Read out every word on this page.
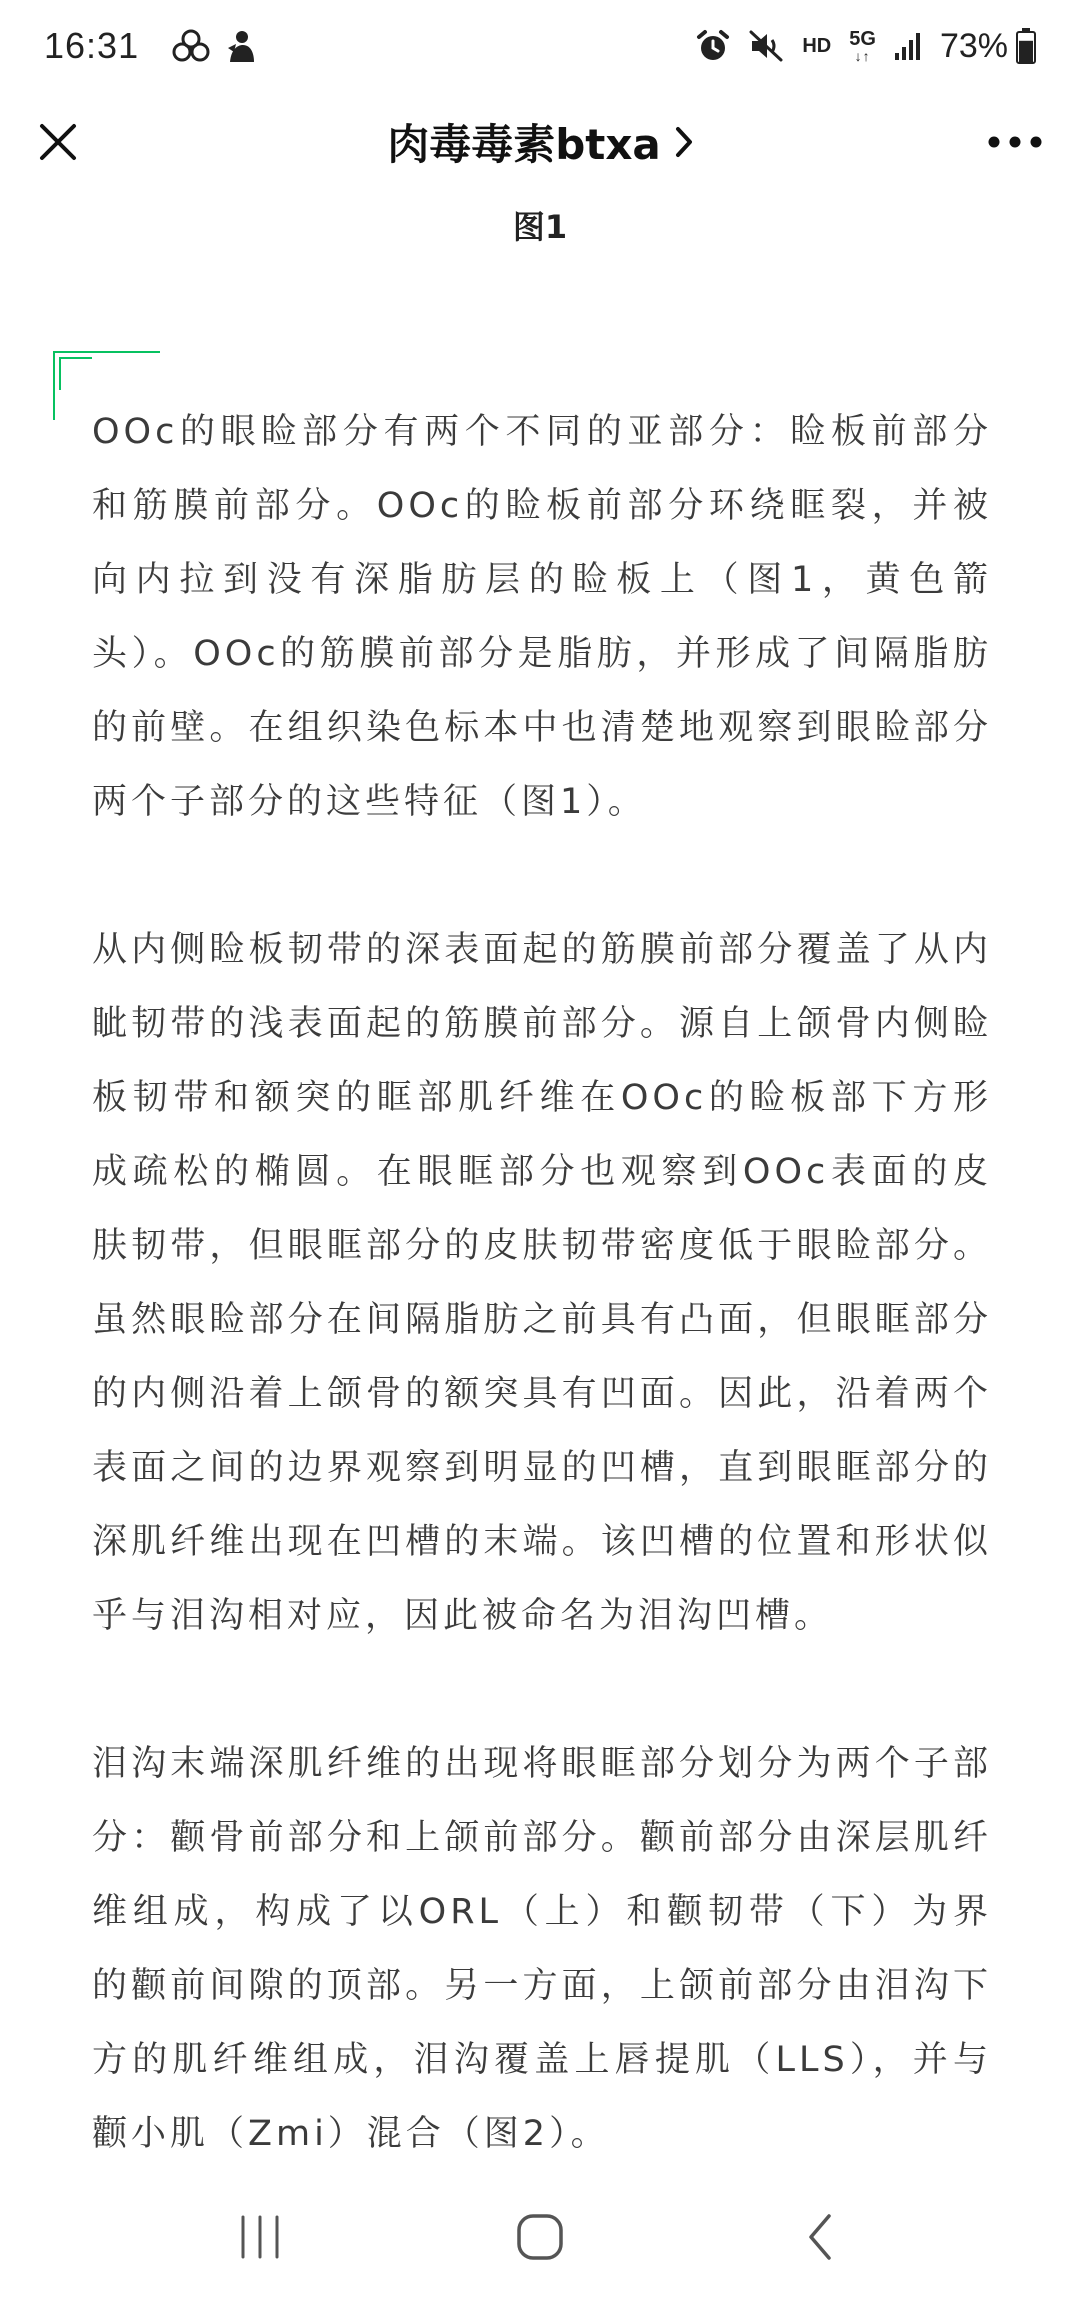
16:31	HD 5G
↓↑ 73%
肉毒毒素btxa
图1

OOc的眼睑部分有两个不同的亚部分：睑板前部分和筋膜前部分。OOc的睑板前部分环绕眶裂，并被向内拉到没有深脂肪层的睑板上（图1，黄色箭头）。OOc的筋膜前部分是脂肪，并形成了间隔脂肪的前壁。在组织染色标本中也清楚地观察到眼睑部分两个子部分的这些特征（图1）。

从内侧睑板韧带的深表面起的筋膜前部分覆盖了从内眦韧带的浅表面起的筋膜前部分。源自上颌骨内侧睑板韧带和额突的眶部肌纤维在OOc的睑板部下方形成疏松的椭圆。在眼眶部分也观察到OOc表面的皮肤韧带，但眼眶部分的皮肤韧带密度低于眼睑部分。虽然眼睑部分在间隔脂肪之前具有凸面，但眼眶部分的内侧沿着上颌骨的额突具有凹面。因此，沿着两个表面之间的边界观察到明显的凹槽，直到眼眶部分的深肌纤维出现在凹槽的末端。该凹槽的位置和形状似乎与泪沟相对应，因此被命名为泪沟凹槽。

泪沟末端深肌纤维的出现将眼眶部分划分为两个子部分：颧骨前部分和上颌前部分。颧前部分由深层肌纤维组成，构成了以ORL（上）和颧韧带（下）为界的颧前间隙的顶部。另一方面，上颌前部分由泪沟下方的肌纤维组成，泪沟覆盖上唇提肌（LLS），并与颧小肌（Zmi）混合（图2）。
